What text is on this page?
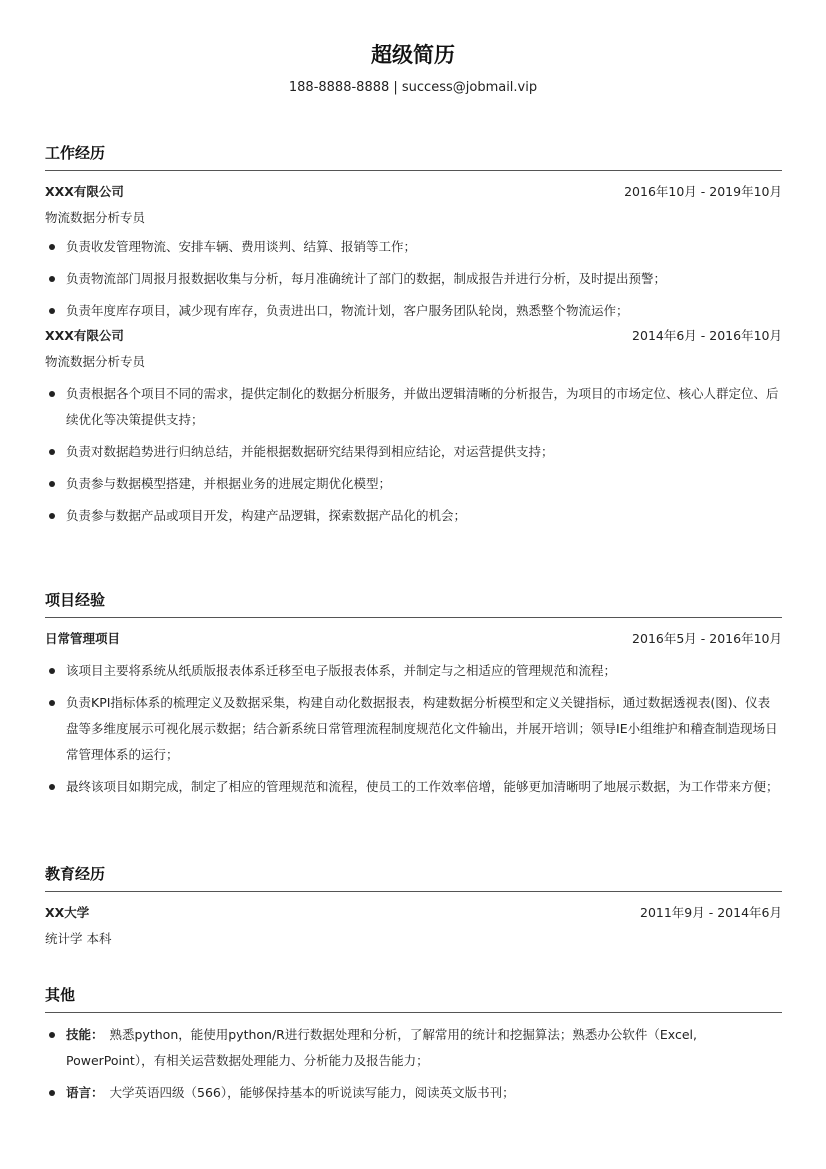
超级简历
188-8888-8888 | success@jobmail.vip
工作经历
XXX有限公司	2016年10月 - 2019年10月
物流数据分析专员
负责收发管理物流、安排车辆、费用谈判、结算、报销等工作；
负责物流部门周报月报数据收集与分析，每月准确统计了部门的数据，制成报告并进行分析，及时提出预警；
负责年度库存项目，减少现有库存，负责进出口，物流计划，客户服务团队轮岗，熟悉整个物流运作；
XXX有限公司	2014年6月 - 2016年10月
物流数据分析专员
负责根据各个项目不同的需求，提供定制化的数据分析服务，并做出逻辑清晰的分析报告，为项目的市场定位、核心人群定位、后续优化等决策提供支持；
负责对数据趋势进行归纳总结，并能根据数据研究结果得到相应结论，对运营提供支持；
负责参与数据模型搭建，并根据业务的进展定期优化模型；
负责参与数据产品或项目开发，构建产品逻辑，探索数据产品化的机会；
项目经验
日常管理项目	2016年5月 - 2016年10月
该项目主要将系统从纸质版报表体系迁移至电子版报表体系，并制定与之相适应的管理规范和流程；
负责KPI指标体系的梳理定义及数据采集，构建自动化数据报表，构建数据分析模型和定义关键指标，通过数据透视表(图)、仪表盘等多维度展示可视化展示数据；结合新系统日常管理流程制度规范化文件输出，并展开培训；领导IE小组维护和稽查制造现场日常管理体系的运行；
最终该项目如期完成，制定了相应的管理规范和流程，使员工的工作效率倍增，能够更加清晰明了地展示数据，为工作带来方便；
教育经历
XX大学	2011年9月 - 2014年6月
统计学 本科
其他
技能： 熟悉python，能使用python/R进行数据处理和分析，了解常用的统计和挖掘算法；熟悉办公软件（Excel, PowerPoint），有相关运营数据处理能力、分析能力及报告能力；
语言： 大学英语四级（566），能够保持基本的听说读写能力，阅读英文版书刊；
